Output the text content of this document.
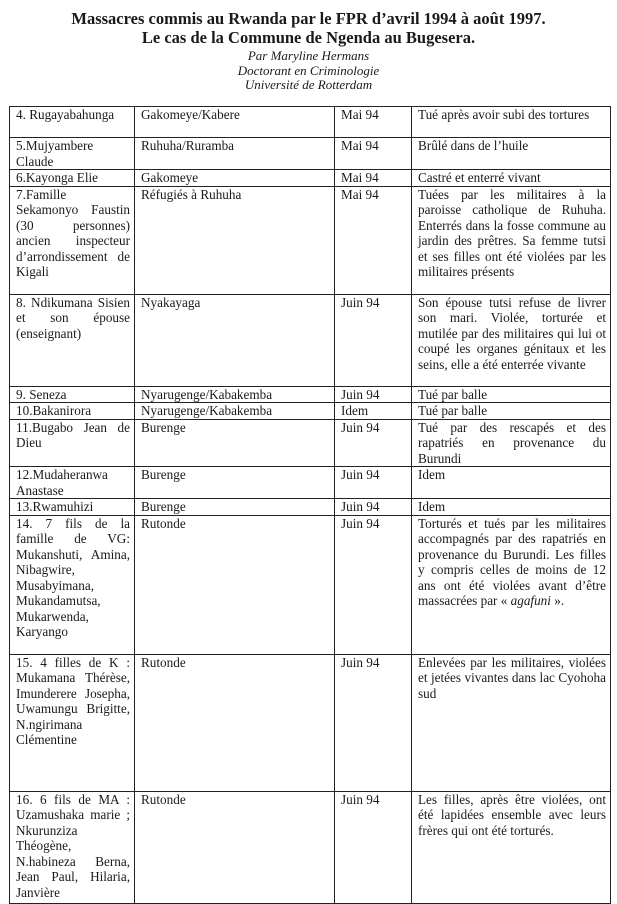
Massacres commis au Rwanda par le FPR d’avril 1994 à août 1997.

Le cas de la Commune de Ngenda au Bugesera.

Par Maryline Hermans

Doctorant en Criminologie

Université de Rotterdam

4. Rugayabahunga	Gakomeye/Kabere	Mai 94	Tué après avoir subi des tortures
5.Mujyambere Claude	Ruhuha/Ruramba	Mai 94	Brûlé dans de l’huile
6.Kayonga Elie	Gakomeye	Mai 94	Castré et enterré vivant
7.Famille Sekamonyo Faustin (30 personnes) ancien inspecteur d’arrondissement de Kigali	Réfugiés à Ruhuha	Mai 94	Tuées par les militaires à la paroisse catholique de Ruhuha. Enterrés dans la fosse commune au jardin des prêtres. Sa femme tutsi et ses filles ont été violées par les militaires présents
8. Ndikumana Sisien et son épouse (enseignant)	Nyakayaga	Juin 94	Son épouse tutsi refuse de livrer son mari. Violée, torturée et mutilée par des militaires qui lui ot coupé les organes génitaux et les seins, elle a été enterrée vivante
9. Seneza	Nyarugenge/Kabakemba	Juin 94	Tué par balle
10.Bakanirora	Nyarugenge/Kabakemba	Idem	Tué par balle
11.Bugabo Jean de Dieu	Burenge	Juin 94	Tué par des rescapés et des rapatriés en provenance du Burundi
12.Mudaheranwa Anastase	Burenge	Juin 94	Idem
13.Rwamuhizi	Burenge	Juin 94	Idem
14. 7 fils de la famille de VG: Mukanshuti, Amina, Nibagwire, Musabyimana, Mukandamutsa, Mukarwenda, Karyango	Rutonde	Juin 94	Torturés et tués par les militaires accompagnés par des rapatriés en provenance du Burundi. Les filles y compris celles de moins de 12 ans ont été violées avant d’être massacrées par « agafuni ».
15. 4 filles de K : Mukamana Thérèse, Imunderere Josepha, Uwamungu Brigitte, N.ngirimana Clémentine	Rutonde	Juin 94	Enlevées par les militaires, violées et jetées vivantes dans lac Cyohoha sud
16. 6 fils de MA : Uzamushaka marie ; Nkurunziza Théogène, N.habineza Berna, Jean Paul, Hilaria, Janvière	Rutonde	Juin 94	Les filles, après être violées, ont été lapidées ensemble avec leurs frères qui ont été torturés.
